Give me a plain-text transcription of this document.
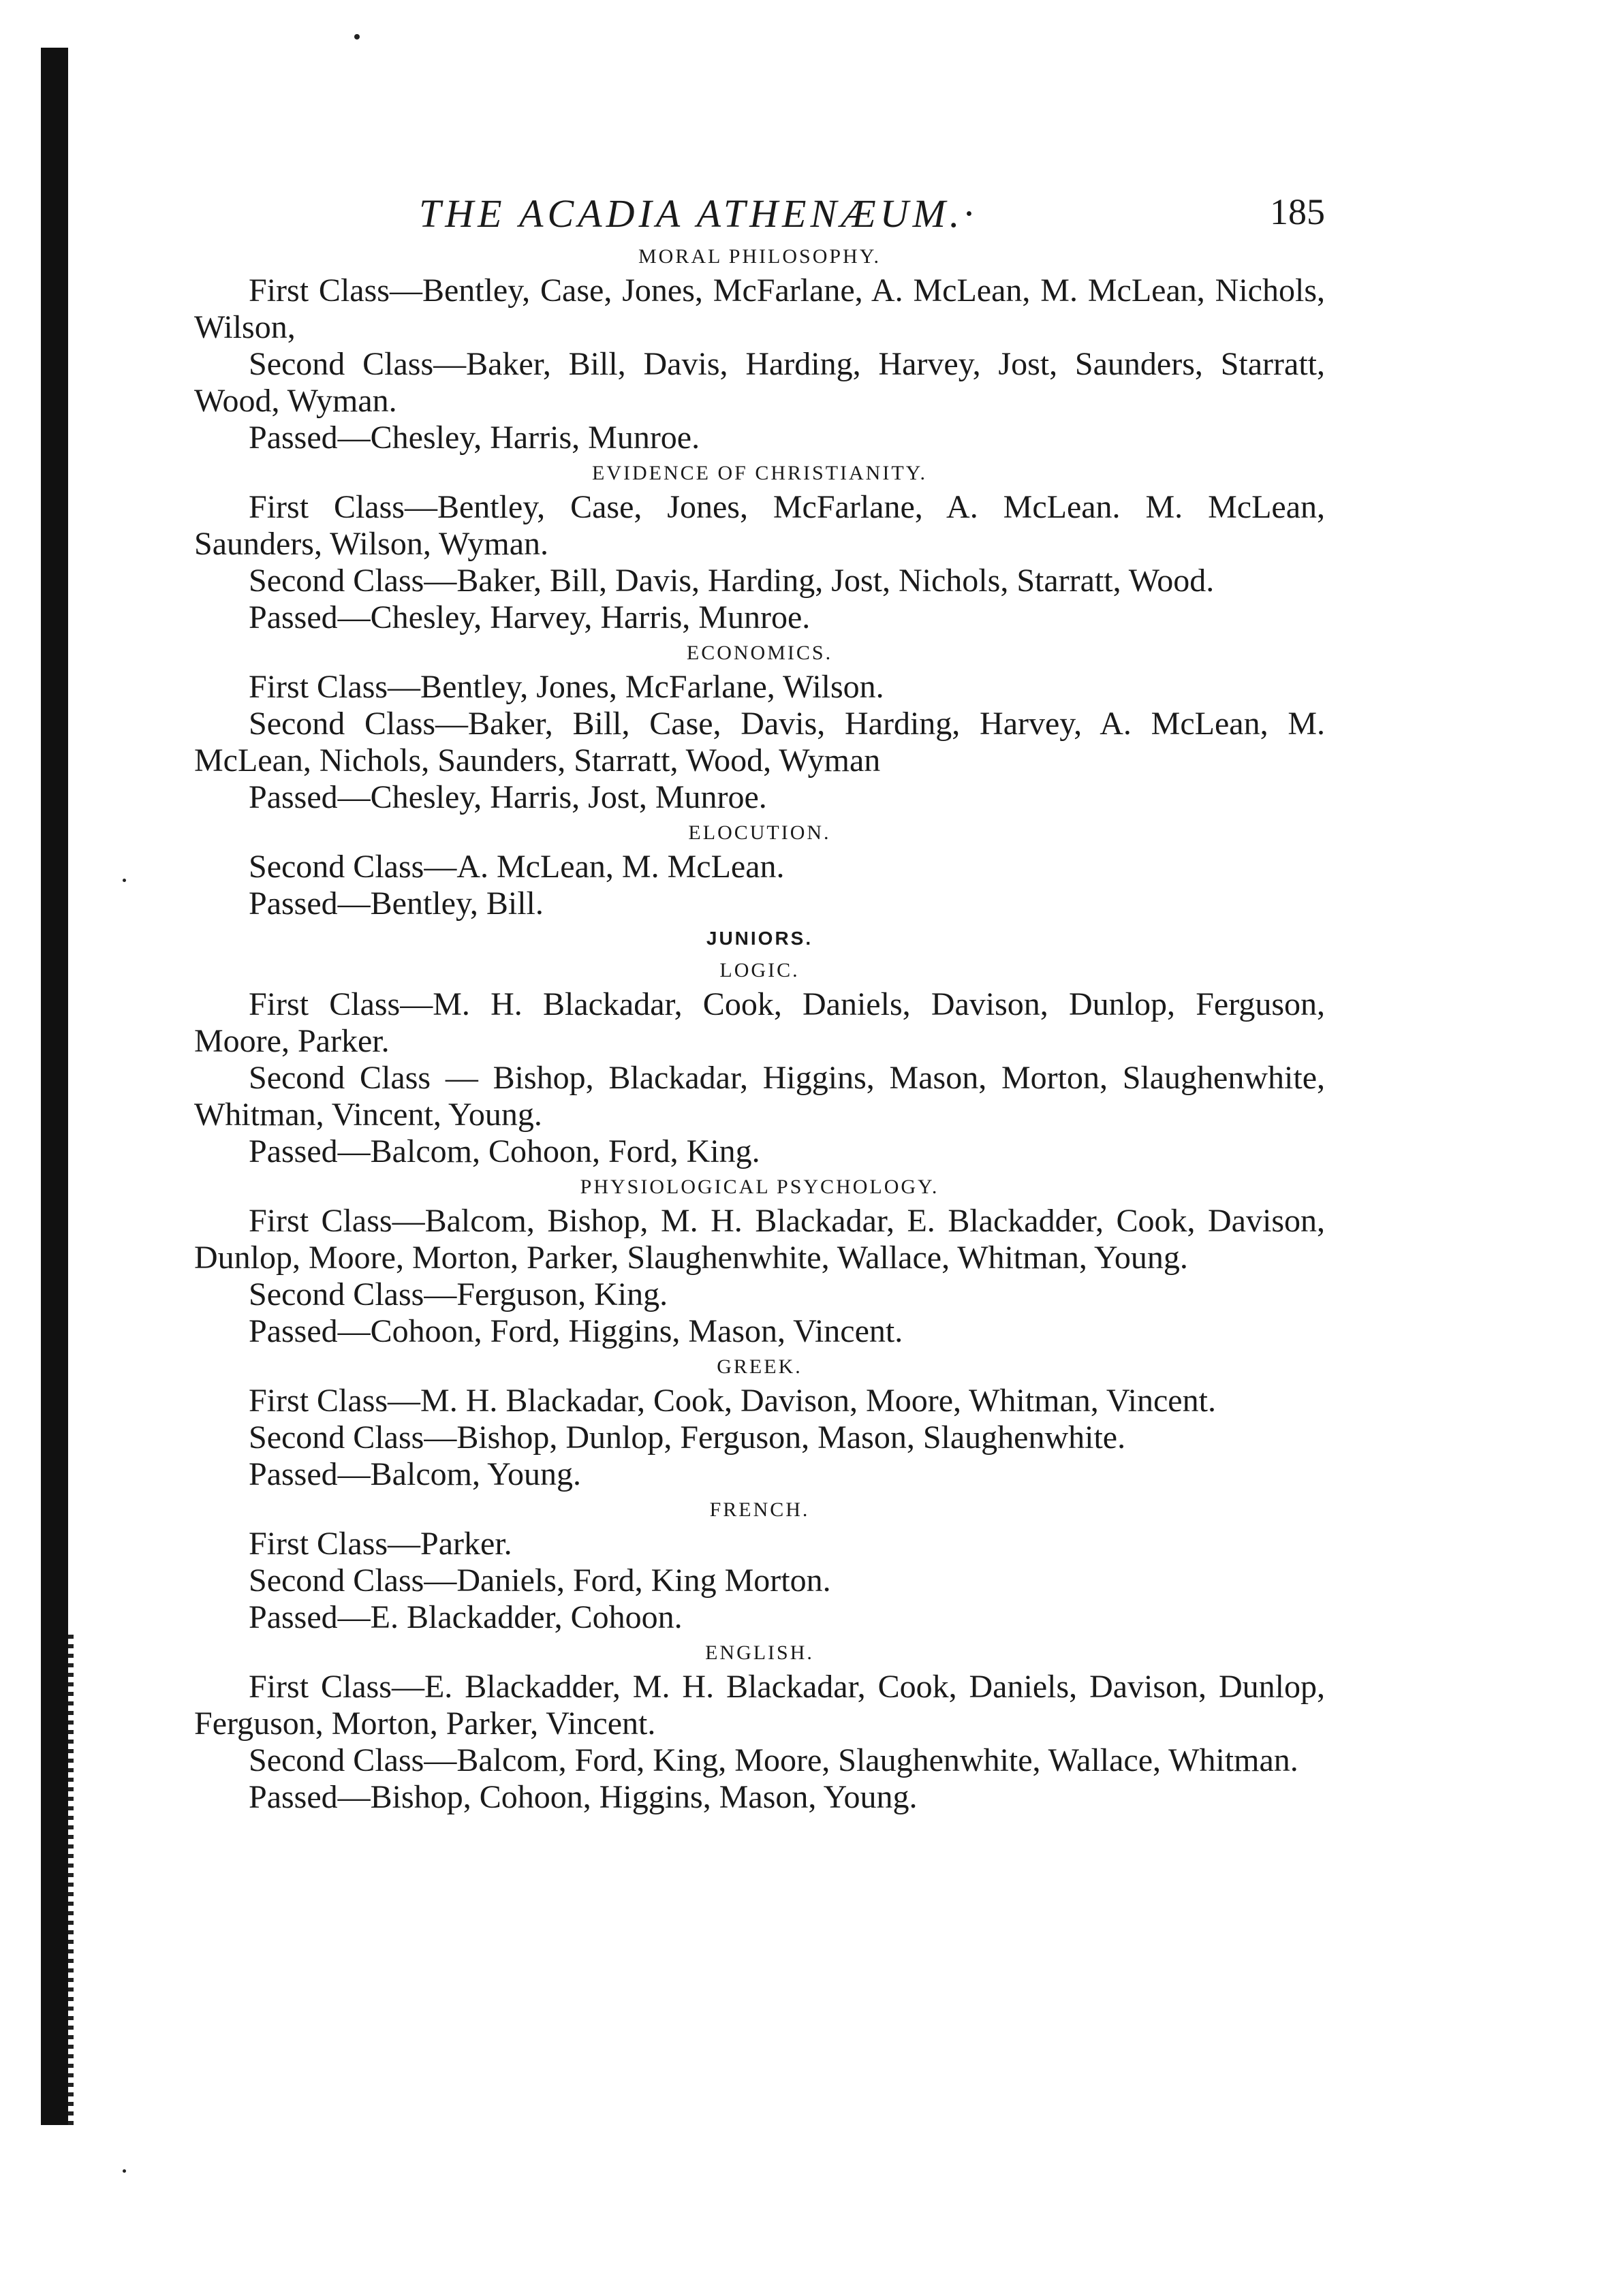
THE ACADIA ATHENÆUM.·	185
MORAL PHILOSOPHY.

First Class—Bentley, Case, Jones, McFarlane, A. McLean, M. McLean, Nichols, Wilson,

Second Class—Baker, Bill, Davis, Harding, Harvey, Jost, Saunders, Starratt, Wood, Wyman.

Passed—Chesley, Harris, Munroe.

EVIDENCE OF CHRISTIANITY.

First Class—Bentley, Case, Jones, McFarlane, A. McLean. M. McLean, Saunders, Wilson, Wyman.

Second Class—Baker, Bill, Davis, Harding, Jost, Nichols, Starratt, Wood.

Passed—Chesley, Harvey, Harris, Munroe.

ECONOMICS.

First Class—Bentley, Jones, McFarlane, Wilson.

Second Class—Baker, Bill, Case, Davis, Harding, Harvey, A. McLean, M. McLean, Nichols, Saunders, Starratt, Wood, Wyman

Passed—Chesley, Harris, Jost, Munroe.

ELOCUTION.

Second Class—A. McLean, M. McLean.

Passed—Bentley, Bill.

JUNIORS.
LOGIC.

First Class—M. H. Blackadar, Cook, Daniels, Davison, Dunlop, Ferguson, Moore, Parker.

Second Class — Bishop, Blackadar, Higgins, Mason, Morton, Slaughenwhite, Whitman, Vincent, Young.

Passed—Balcom, Cohoon, Ford, King.

PHYSIOLOGICAL PSYCHOLOGY.

First Class—Balcom, Bishop, M. H. Blackadar, E. Blackadder, Cook, Davison, Dunlop, Moore, Morton, Parker, Slaughenwhite, Wallace, Whitman, Young.

Second Class—Ferguson, King.

Passed—Cohoon, Ford, Higgins, Mason, Vincent.

GREEK.

First Class—M. H. Blackadar, Cook, Davison, Moore, Whitman, Vincent.

Second Class—Bishop, Dunlop, Ferguson, Mason, Slaughenwhite.

Passed—Balcom, Young.

FRENCH.

First Class—Parker.

Second Class—Daniels, Ford, King Morton.

Passed—E. Blackadder, Cohoon.

ENGLISH.

First Class—E. Blackadder, M. H. Blackadar, Cook, Daniels, Davison, Dunlop, Ferguson, Morton, Parker, Vincent.

Second Class—Balcom, Ford, King, Moore, Slaughenwhite, Wallace, Whitman.

Passed—Bishop, Cohoon, Higgins, Mason, Young.
